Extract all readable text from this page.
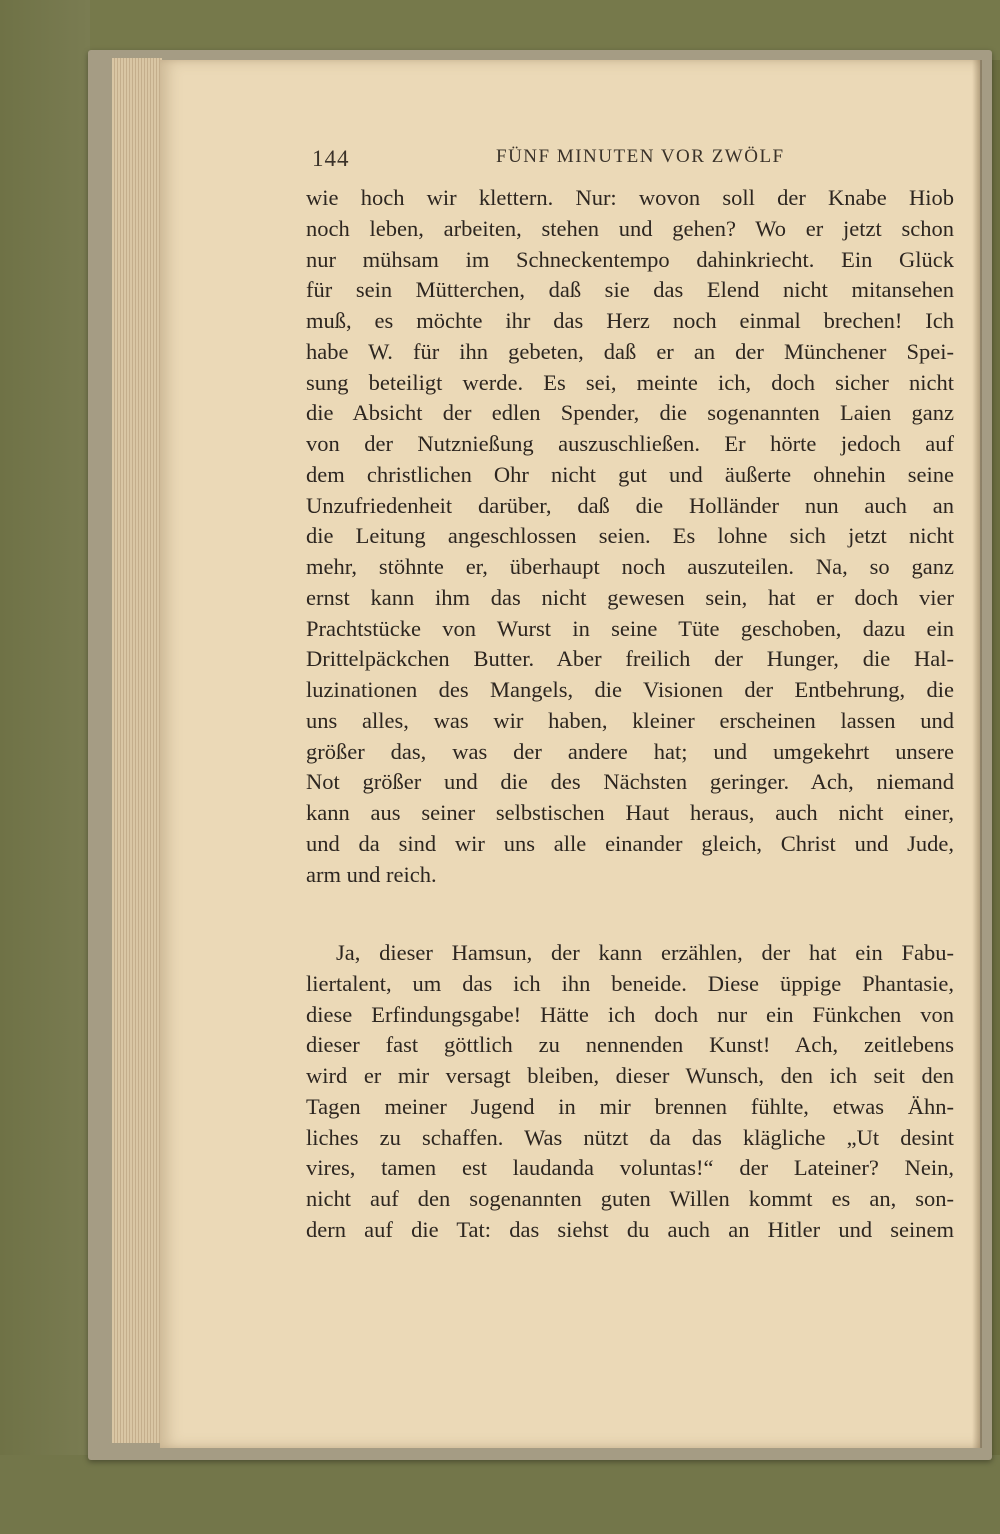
144	FÜNF MINUTEN VOR ZWÖLF
wie hoch wir klettern. Nur: wovon soll der Knabe Hiob
noch leben, arbeiten, stehen und gehen? Wo er jetzt schon
nur mühsam im Schneckentempo dahinkriecht. Ein Glück
für sein Mütterchen, daß sie das Elend nicht mitansehen
muß, es möchte ihr das Herz noch einmal brechen! Ich
habe W. für ihn gebeten, daß er an der Münchener Spei-
sung beteiligt werde. Es sei, meinte ich, doch sicher nicht
die Absicht der edlen Spender, die sogenannten Laien ganz
von der Nutznießung auszuschließen. Er hörte jedoch auf
dem christlichen Ohr nicht gut und äußerte ohnehin seine
Unzufriedenheit darüber, daß die Holländer nun auch an
die Leitung angeschlossen seien. Es lohne sich jetzt nicht
mehr, stöhnte er, überhaupt noch auszuteilen. Na, so ganz
ernst kann ihm das nicht gewesen sein, hat er doch vier
Prachtstücke von Wurst in seine Tüte geschoben, dazu ein
Drittelpäckchen Butter. Aber freilich der Hunger, die Hal-
luzinationen des Mangels, die Visionen der Entbehrung, die
uns alles, was wir haben, kleiner erscheinen lassen und
größer das, was der andere hat; und umgekehrt unsere
Not größer und die des Nächsten geringer. Ach, niemand
kann aus seiner selbstischen Haut heraus, auch nicht einer,
und da sind wir uns alle einander gleich, Christ und Jude,
arm und reich.
Ja, dieser Hamsun, der kann erzählen, der hat ein Fabu-
liertalent, um das ich ihn beneide. Diese üppige Phantasie,
diese Erfindungsgabe! Hätte ich doch nur ein Fünkchen von
dieser fast göttlich zu nennenden Kunst! Ach, zeitlebens
wird er mir versagt bleiben, dieser Wunsch, den ich seit den
Tagen meiner Jugend in mir brennen fühlte, etwas Ähn-
liches zu schaffen. Was nützt da das klägliche „Ut desint
vires, tamen est laudanda voluntas!“ der Lateiner? Nein,
nicht auf den sogenannten guten Willen kommt es an, son-
dern auf die Tat: das siehst du auch an Hitler und seinem
